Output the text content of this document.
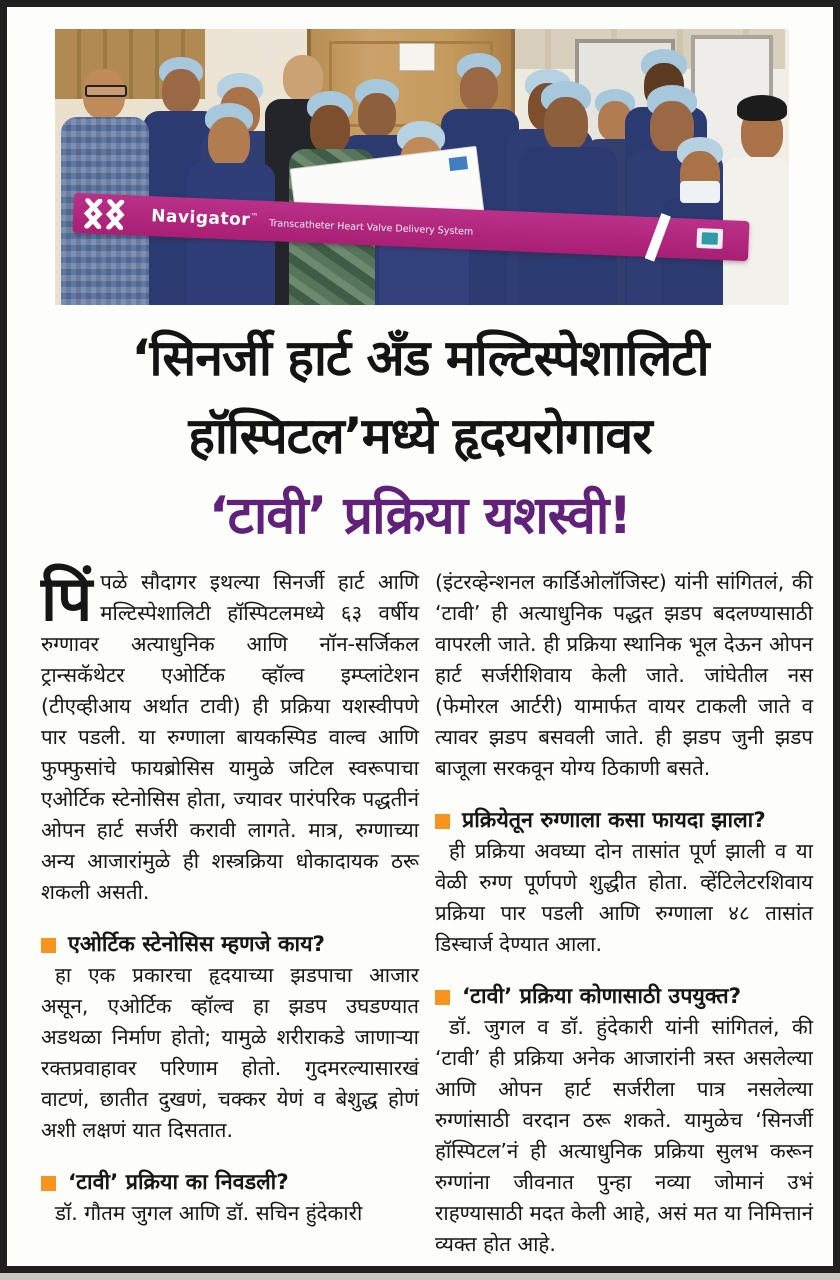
Navigator™ Transcatheter Heart Valve Delivery System
‘सिनर्जी हार्ट अँड मल्टिस्पेशालिटी
हॉस्पिटल’मध्ये हृदयरोगावर
‘टावी’ प्रक्रिया यशस्वी!

पिंपळे सौदागर इथल्या सिनर्जी हार्ट आणि मल्टिस्पेशालिटी हॉस्पिटलमध्ये ६३ वर्षीय रुग्णावर अत्याधुनिक आणि नॉन-सर्जिकल ट्रान्सकॅथेटर एओर्टिक व्हॉल्व इम्प्लांटेशन (टीएव्हीआय अर्थात टावी) ही प्रक्रिया यशस्वीपणे पार पडली. या रुग्णाला बायकस्पिड वाल्व आणि फुफ्फुसांचे फायब्रोसिस यामुळे जटिल स्वरूपाचा एओर्टिक स्टेनोसिस होता, ज्यावर पारंपरिक पद्धतीनं ओपन हार्ट सर्जरी करावी लागते. मात्र, रुग्णाच्या अन्य आजारांमुळे ही शस्त्रक्रिया धोकादायक ठरू शकली असती.

एओर्टिक स्टेनोसिस म्हणजे काय?

हा एक प्रकारचा हृदयाच्या झडपाचा आजार असून, एओर्टिक व्हॉल्व हा झडप उघडण्यात अडथळा निर्माण होतो; यामुळे शरीराकडे जाणाऱ्या रक्तप्रवाहावर परिणाम होतो. गुदमरल्यासारखं वाटणं, छातीत दुखणं, चक्कर येणं व बेशुद्ध होणं अशी लक्षणं यात दिसतात.

‘टावी’ प्रक्रिया का निवडली?

डॉ. गौतम जुगल आणि डॉ. सचिन हुंदेकारी

(इंटरव्हेन्शनल कार्डिओलॉजिस्ट) यांनी सांगितलं, की ‘टावी’ ही अत्याधुनिक पद्धत झडप बदलण्यासाठी वापरली जाते. ही प्रक्रिया स्थानिक भूल देऊन ओपन हार्ट सर्जरीशिवाय केली जाते. जांघेतील नस (फेमोरल आर्टरी) यामार्फत वायर टाकली जाते व त्यावर झडप बसवली जाते. ही झडप जुनी झडप बाजूला सरकवून योग्य ठिकाणी बसते.

प्रक्रियेतून रुग्णाला कसा फायदा झाला?

ही प्रक्रिया अवघ्या दोन तासांत पूर्ण झाली व या वेळी रुग्ण पूर्णपणे शुद्धीत होता. व्हेंटिलेटरशिवाय प्रक्रिया पार पडली आणि रुग्णाला ४८ तासांत डिस्चार्ज देण्यात आला.

‘टावी’ प्रक्रिया कोणासाठी उपयुक्त?

डॉ. जुगल व डॉ. हुंदेकारी यांनी सांगितलं, की ‘टावी’ ही प्रक्रिया अनेक आजारांनी त्रस्त असलेल्या आणि ओपन हार्ट सर्जरीला पात्र नसलेल्या रुग्णांसाठी वरदान ठरू शकते. यामुळेच ‘सिनर्जी हॉस्पिटल’नं ही अत्याधुनिक प्रक्रिया सुलभ करून रुग्णांना जीवनात पुन्हा नव्या जोमानं उभं राहण्यासाठी मदत केली आहे, असं मत या निमित्तानं व्यक्त होत आहे.
